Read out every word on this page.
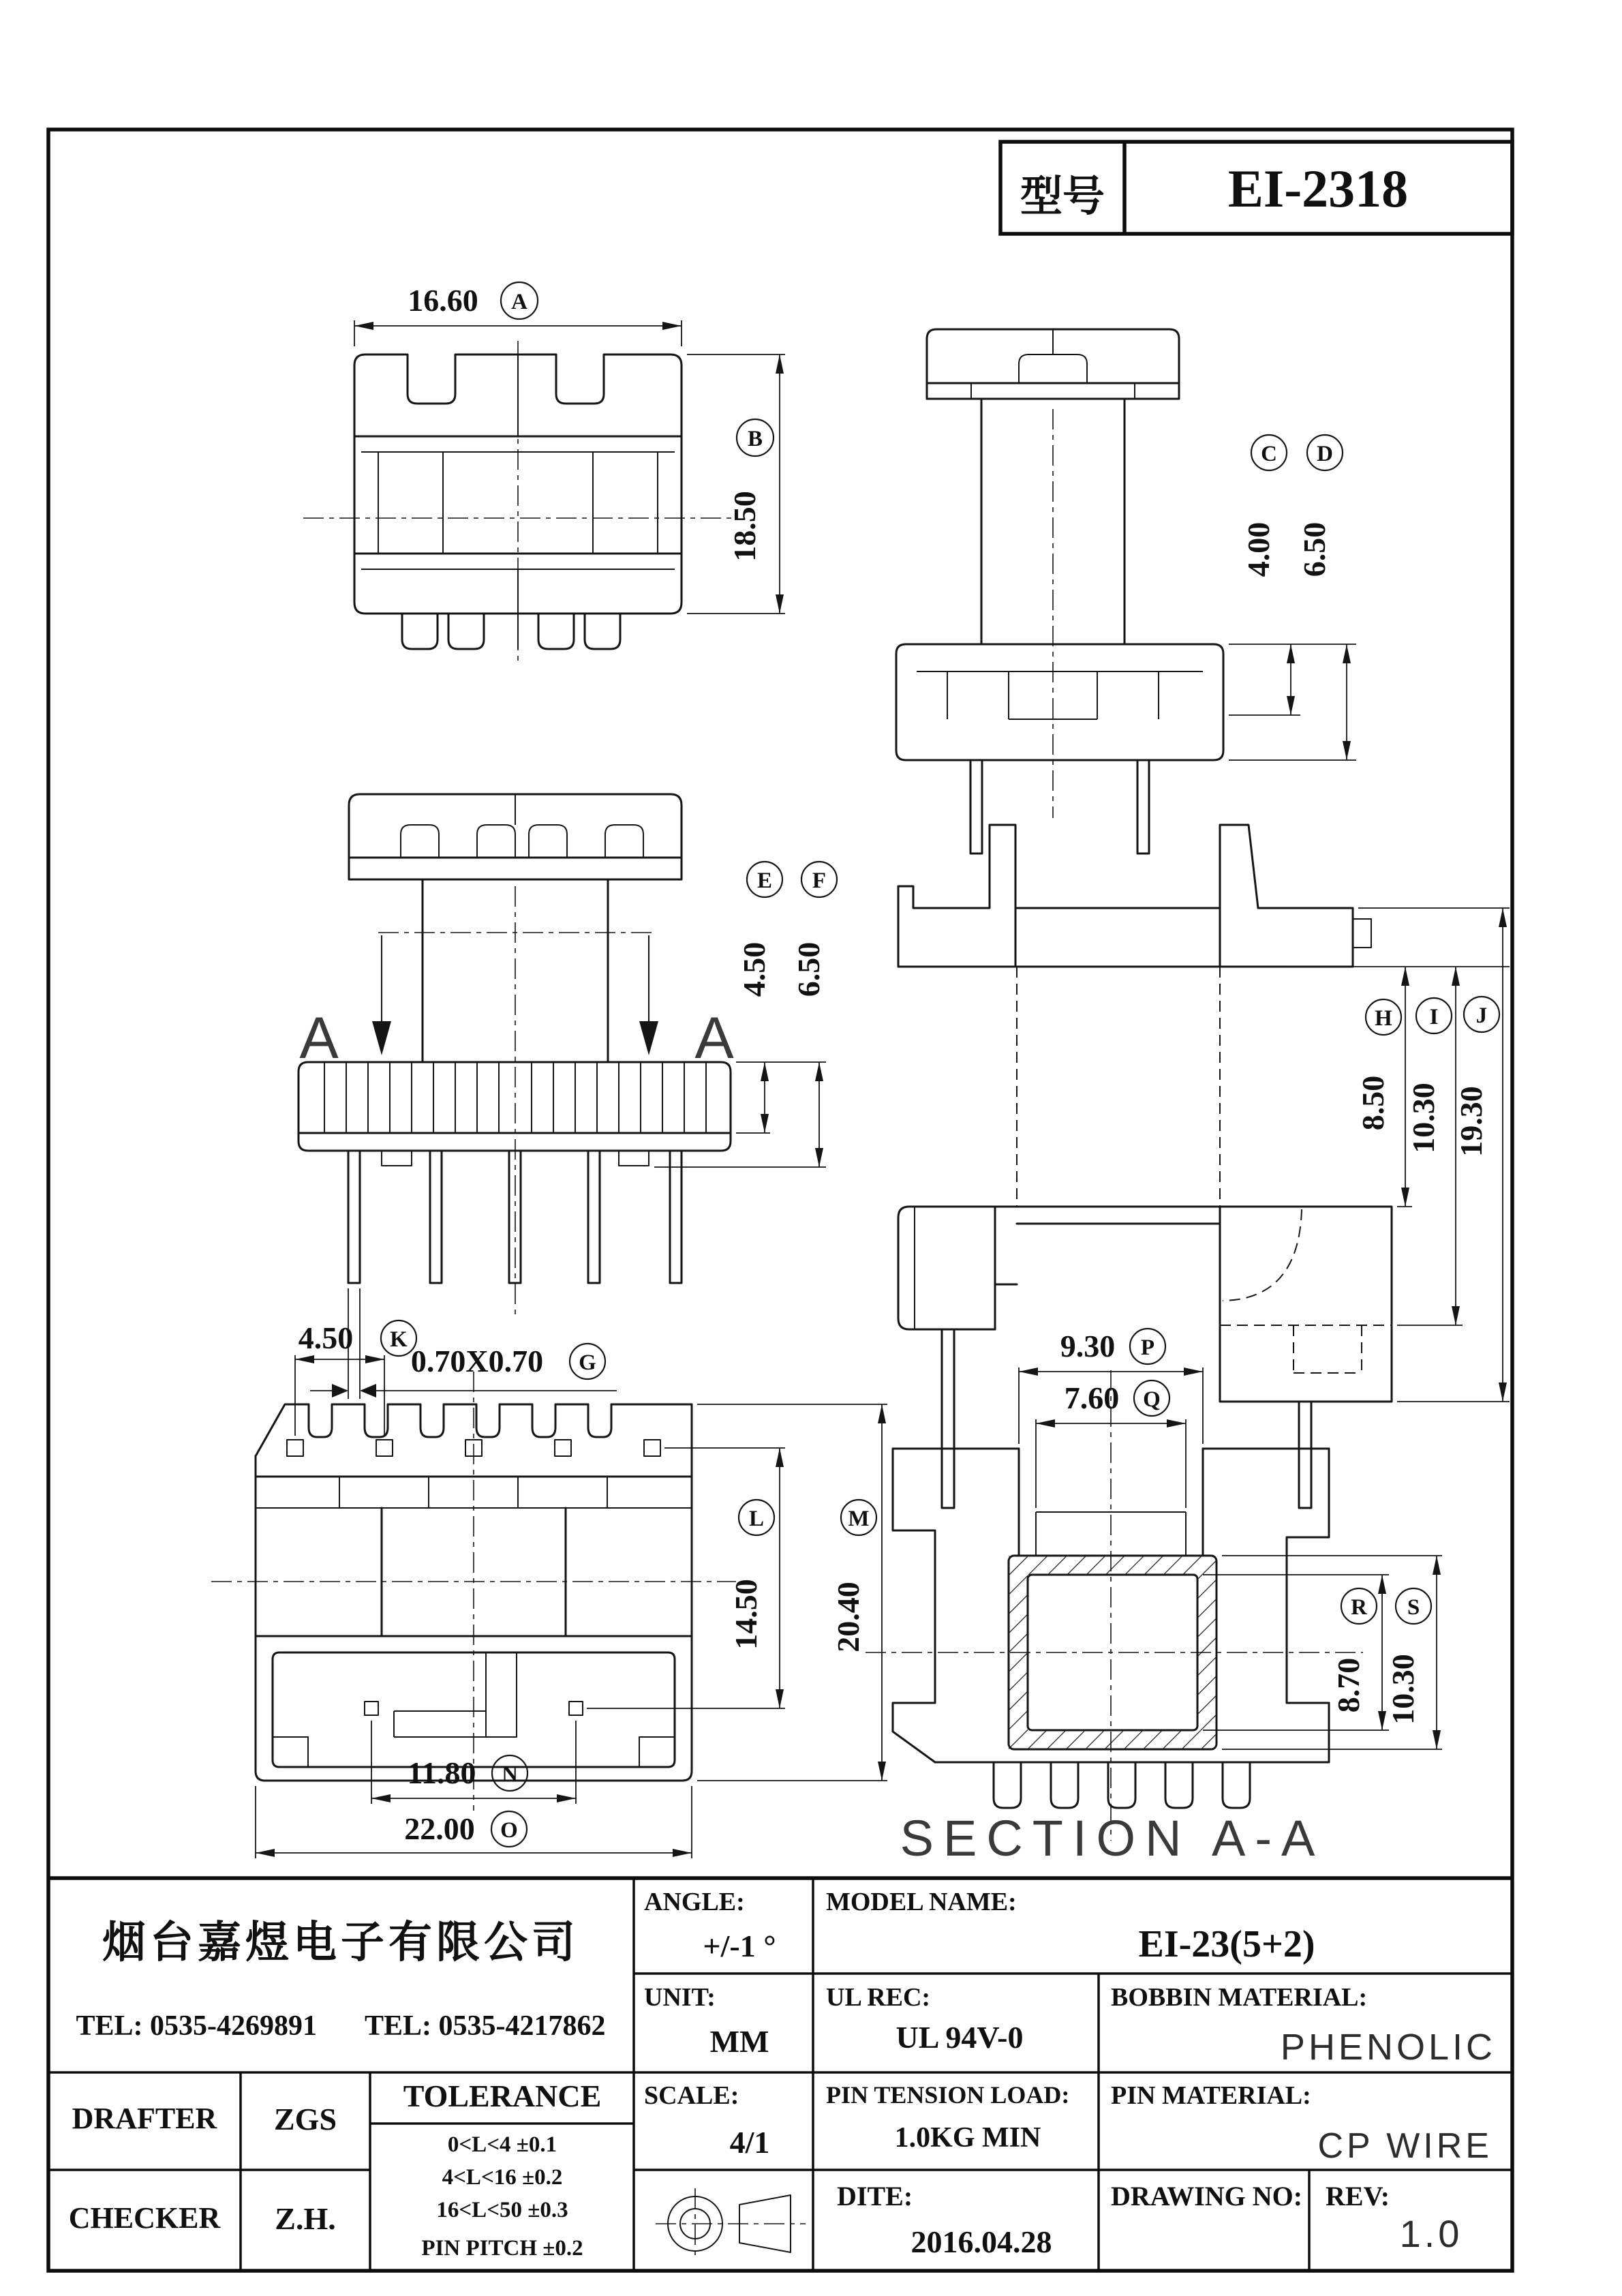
16.60 A
18.50
B
4.00
C
6.50
D
A	A
4.50
E
6.50
F
0.70X0.70 G
8.50
H
10.30
I
19.30
J
4.50 K
14.50
L
20.40
M
11.80 N
22.00 O
9.30 P
7.60 Q
8.70
R
10.30
S
SECTION A-A
型号 EI-2318
烟台嘉煜电子有限公司
TEL: 0535-4269891 TEL: 0535-4217862
ANGLE:
+/-1 °
MODEL NAME:
EI-23(5+2)
UNIT:
MM
UL REC:
UL 94V-0
BOBBIN MATERIAL:
PHENOLIC
DRAFTER ZGS
TOLERANCE
0<L<4 ±0.1
4<L<16 ±0.2
16<L<50 ±0.3
PIN PITCH ±0.2
SCALE:
4/1
PIN TENSION LOAD:
1.0KG MIN
PIN MATERIAL:
CP WIRE
CHECKER Z.H.
DITE:
2016.04.28
DRAWING NO: REV:
1.0
